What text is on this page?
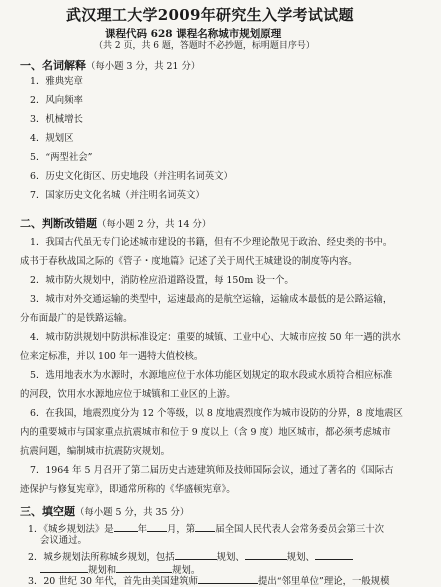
武汉理工大学2009年研究生入学考试试题
课程代码 628 课程名称城市规划原理
（共 2 页，共 6 题，答题时不必抄题，标明题目序号）
一、名词解释（每小题 3 分，共 21 分）
1．雅典宪章
2．风向频率
3．机械增长
4．规划区
5．“两型社会”
6．历史文化街区、历史地段（并注明名词英文）
7．国家历史文化名城（并注明名词英文）
二、判断改错题（每小题 2 分，共 14 分）
1．我国古代虽无专门论述城市建设的书籍，但有不少理论散见于政治、经史类的书中。
成书于春秋战国之际的《管子・度地篇》记述了关于周代王城建设的制度等内容。
2．城市防火规划中，消防栓应沿道路设置，每 150m 设一个。
3．城市对外交通运输的类型中，运速最高的是航空运输，运输成本最低的是公路运输，
分布面最广的是铁路运输。
4．城市防洪规划中防洪标准设定：重要的城镇、工业中心、大城市应按 50 年一遇的洪水
位来定标准，并以 100 年一遇特大值校核。
5．选用地表水为水源时，水源地应位于水体功能区划规定的取水段或水质符合相应标准
的河段，饮用水水源地应位于城镇和工业区的上游。
6．在我国，地震烈度分为 12 个等级，以 8 度地震烈度作为城市设防的分界，8 度地震区
内的重要城市与国家重点抗震城市和位于 9 度以上（含 9 度）地区城市，都必须考虑城市
抗震问题，编制城市抗震防灾规划。
7．1964 年 5 月召开了第二届历史古迹建筑师及技师国际会议，通过了著名的《国际古
迹保护与修复宪章》，即通常所称的《华盛顿宪章》。
三、填空题（每小题 5 分，共 35 分）
1．《城乡规划法》是	年 月，第 届全国人民代表人会常务委员会第三十次
会议通过。
2．城乡规划法所称城乡规划，包括	规划、	规划、
规划和	规划。
3．20 世纪 30 年代，首先由美国建筑师	提出“邻里单位”理论，一般规模
